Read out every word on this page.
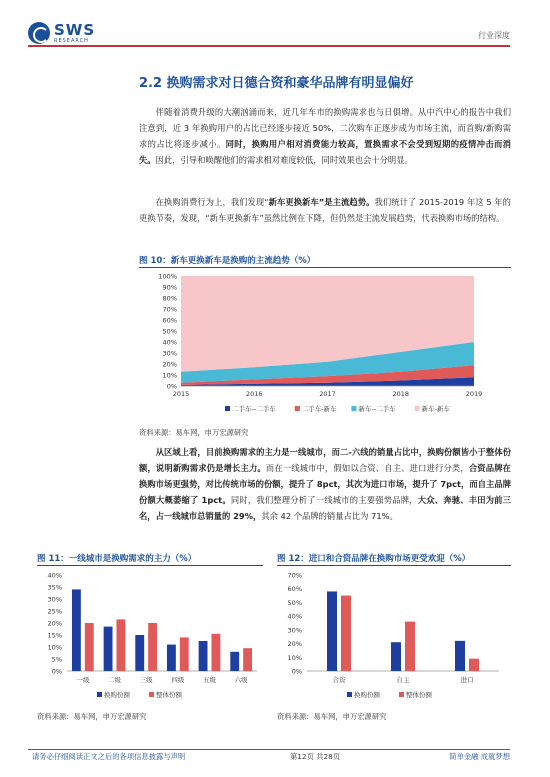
SWS
RESEARCH
行业深度
2.2 换购需求对日德合资和豪华品牌有明显偏好
伴随着消费升级的大潮汹涌而来，近几年车市的换购需求也与日俱增。从中汽中心的报告中我们注意到，近 3 年换购用户的占比已经逐步接近 50%，二次购车正逐步成为市场主流，而首购/新购需求的占比将逐步减小。同时，换购用户相对消费能力较高，置换需求不会受到短期的疫情冲击而消失。因此，引导和唤醒他们的需求相对难度较低，同时效果也会十分明显。
在换购消费行为上，我们发现“新车更换新车”是主流趋势。我们统计了 2015-2019 年这 5 年的更换节奏，发现，“新车更换新车”虽然比例在下降，但仍然是主流发展趋势，代表换购市场的结构。
图 10：新车更换新车是换购的主流趋势（%）
0%
10%
20%
30%
40%
50%
60%
70%
80%
90%
100%
2015	2016	2017	2018	2019
二手车--二手车	二手车-新车	新车--二手车	新车-新车
资料来源：易车网，申万宏源研究
从区域上看，目前换购需求的主力是一线城市，而二-六线的销量占比中，换购份额皆小于整体份额，说明新购需求仍是增长主力。而在一线城市中，假如以合资、自主、进口进行分类，合资品牌在换购市场更强势，对比传统市场的份额，提升了 8pct，其次为进口市场，提升了 7pct，而自主品牌份额大概萎缩了 1pct。同时，我们整理分析了一线城市的主要强势品牌，大众、奔驰、丰田为前三名，占一线城市总销量的 29%，其余 42 个品牌的销量占比为 71%。
图 11：一线城市是换购需求的主力（%）
0%
5%
10%
15%
20%
25%
30%
35%
40%
一级	二级	三级	四级	五级	六级
换购份额	整体份额
资料来源：易车网，申万宏源研究
图 12：进口和合资品牌在换购市场更受欢迎（%）
0%
10%
20%
30%
40%
50%
60%
70%
合资	自主	进口
换购份额	整体份额
资料来源：易车网，申万宏源研究
请务必仔细阅读正文之后的各项信息披露与声明	第12页 共28页	简单金融 成就梦想
